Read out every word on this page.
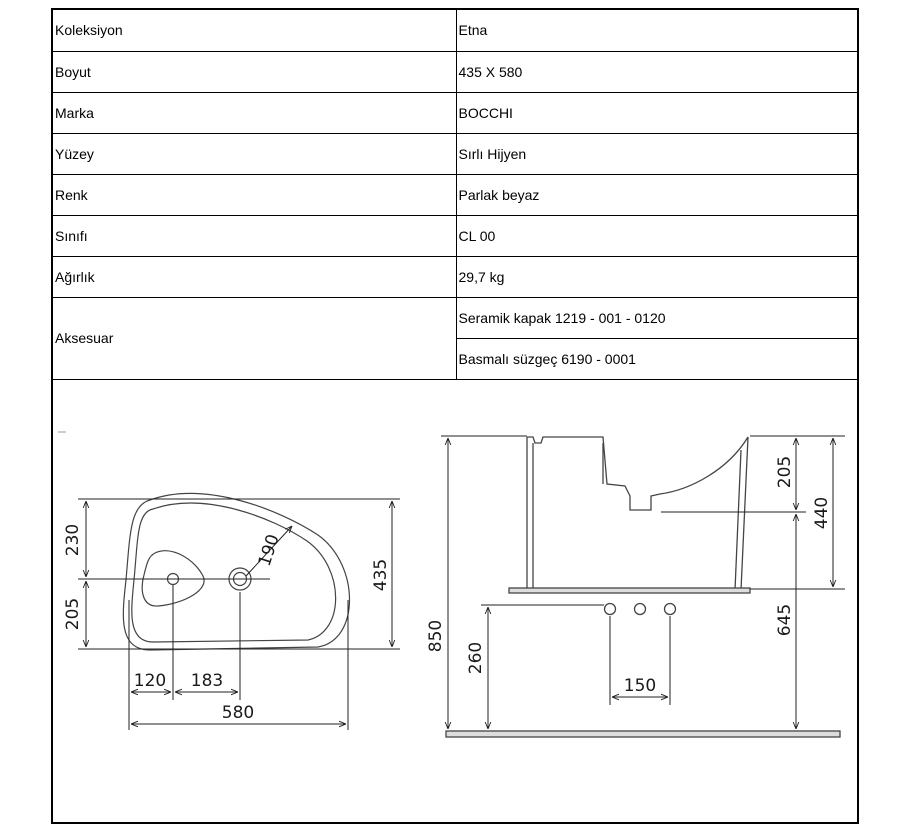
Koleksiyon	Etna
Boyut	435 X 580
Marka	BOCCHI
Yüzey	Sırlı Hijyen
Renk	Parlak beyaz
Sınıfı	CL 00
Ağırlık	29,7 kg
Aksesuar	Seramik kapak 1219 - 001 - 0120
	Basmalı süzgeç 6190 - 0001
230
205
190
435
120 183
580
850
260
205
645
440
150
